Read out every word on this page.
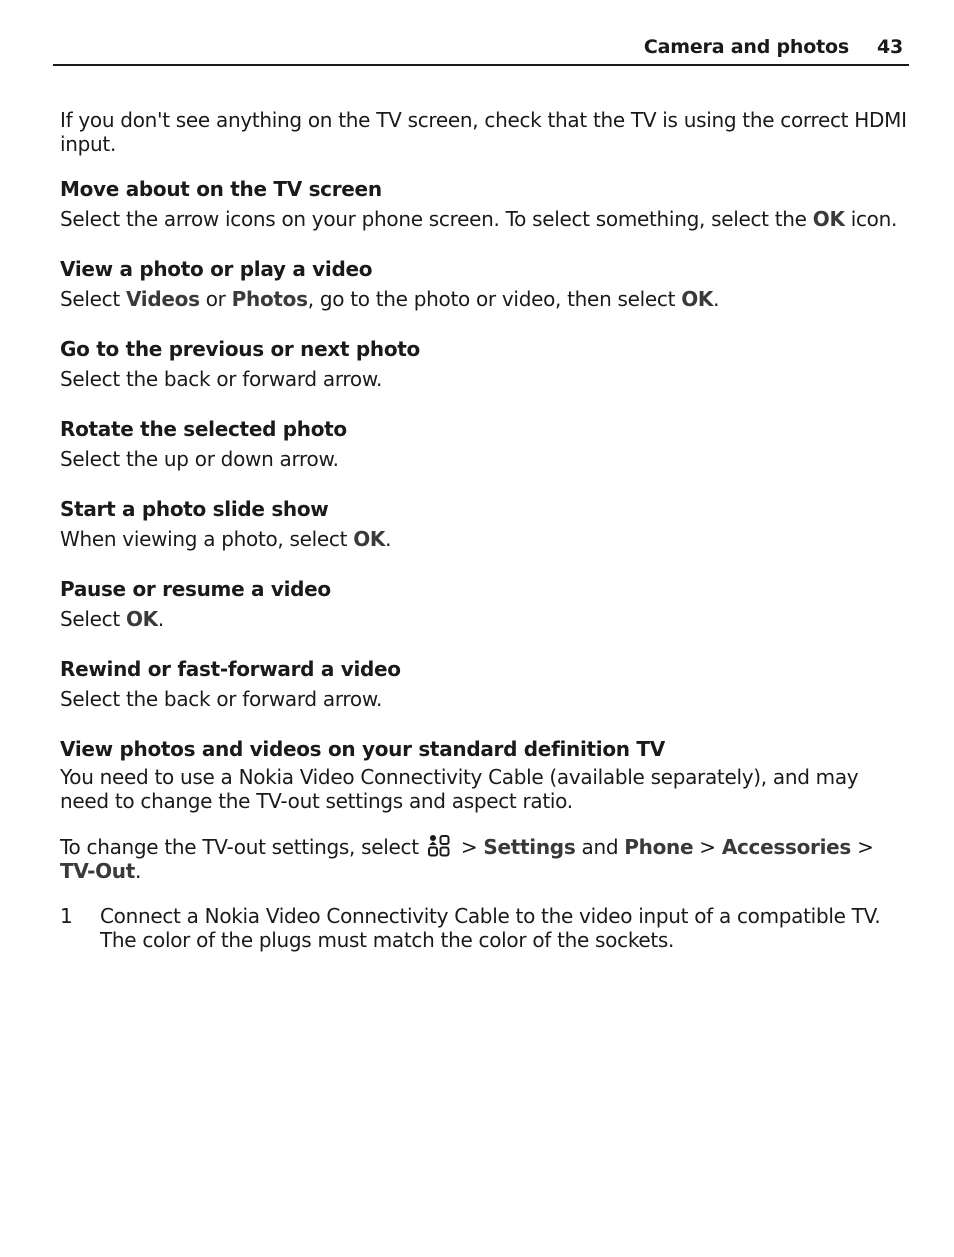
Camera and photos 43

If you don't see anything on the TV screen, check that the TV is using the correct HDMI input.

Move about on the TV screen

Select the arrow icons on your phone screen. To select something, select the OK icon.

View a photo or play a video

Select Videos or Photos, go to the photo or video, then select OK.

Go to the previous or next photo

Select the back or forward arrow.

Rotate the selected photo

Select the up or down arrow.

Start a photo slide show

When viewing a photo, select OK.

Pause or resume a video

Select OK.

Rewind or fast-forward a video

Select the back or forward arrow.

View photos and videos on your standard definition TV

You need to use a Nokia Video Connectivity Cable (available separately), and may need to change the TV-out settings and aspect ratio.

To change the TV-out settings, select  > Settings and Phone > Accessories > TV-Out.

1	Connect a Nokia Video Connectivity Cable to the video input of a compatible TV. The color of the plugs must match the color of the sockets.
